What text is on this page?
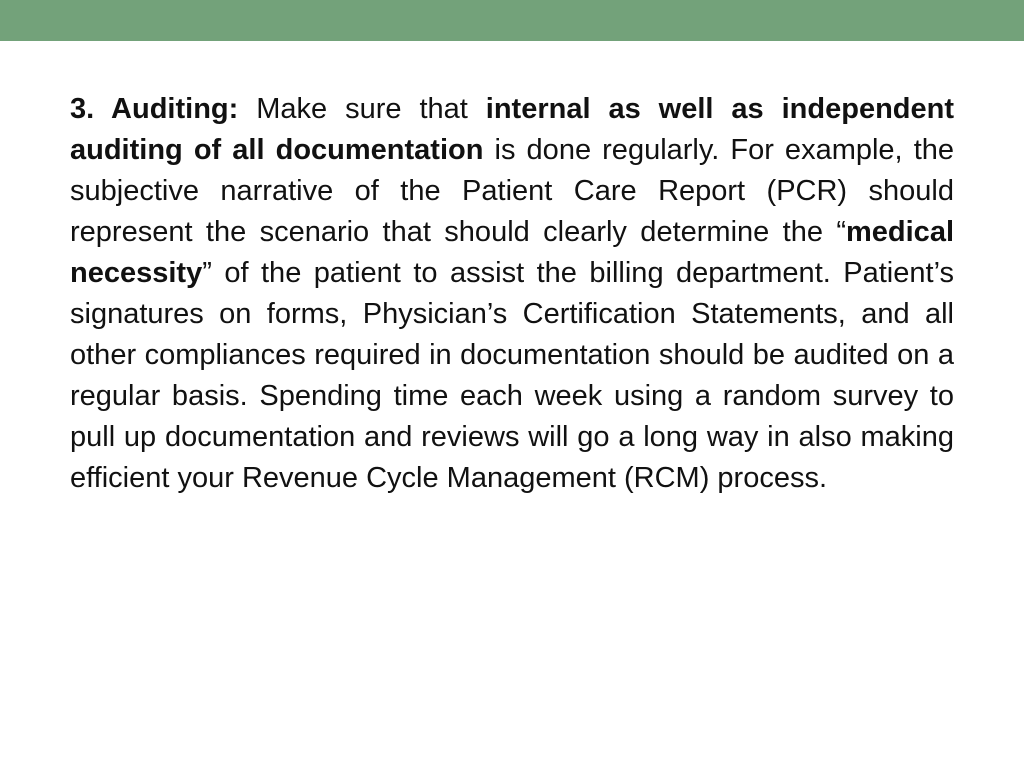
3. Auditing: Make sure that internal as well as independent auditing of all documentation is done regularly. For example, the subjective narrative of the Patient Care Report (PCR) should represent the scenario that should clearly determine the “medical necessity” of the patient to assist the billing department. Patient’s signatures on forms, Physician’s Certification Statements, and all other compliances required in documentation should be audited on a regular basis. Spending time each week using a random survey to pull up documentation and reviews will go a long way in also making efficient your Revenue Cycle Management (RCM) process.
